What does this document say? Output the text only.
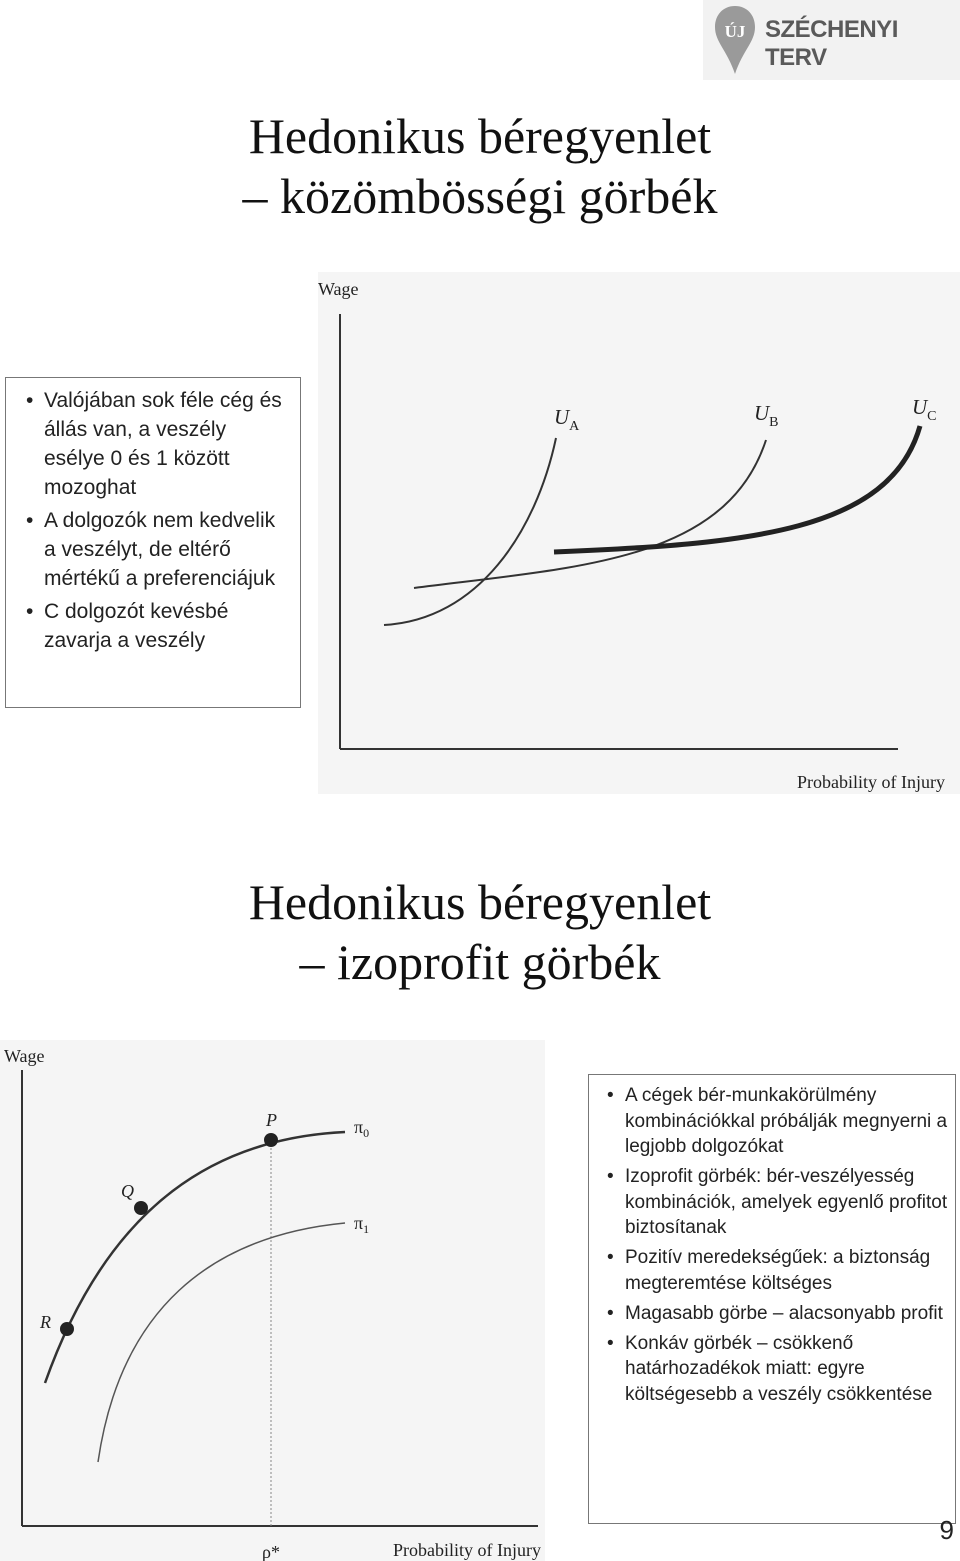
ÚJ SZÉCHENYI TERV
Hedonikus béregyenlet
– közömbösségi görbék
Wage
Probability of Injury
$U_A$
$U_B$
$U_C$
• Valójában sok féle cég és állás van, a veszély esélye 0 és 1 között mozoghat
• A dolgozók nem kedvelik a veszélyt, de eltérő mértékű a preferenciájuk
• C dolgozót kevésbé zavarja a veszély
Hedonikus béregyenlet
– izoprofit görbék
Wage
Probability of Injury
ρ*
P
Q
R
$\pi_0$
$\pi_1$
• A cégek bér-munkakörülmény kombinációkkal próbálják megnyerni a legjobb dolgozókat
• Izoprofit görbék: bér-veszélyesség kombinációk, amelyek egyenlő profitot biztosítanak
• Pozitív meredekségűek: a biztonság megteremtése költséges
• Magasabb görbe – alacsonyabb profit
• Konkáv görbék – csökkenő határhozadékok miatt: egyre költségesebb a veszély csökkentése
9
